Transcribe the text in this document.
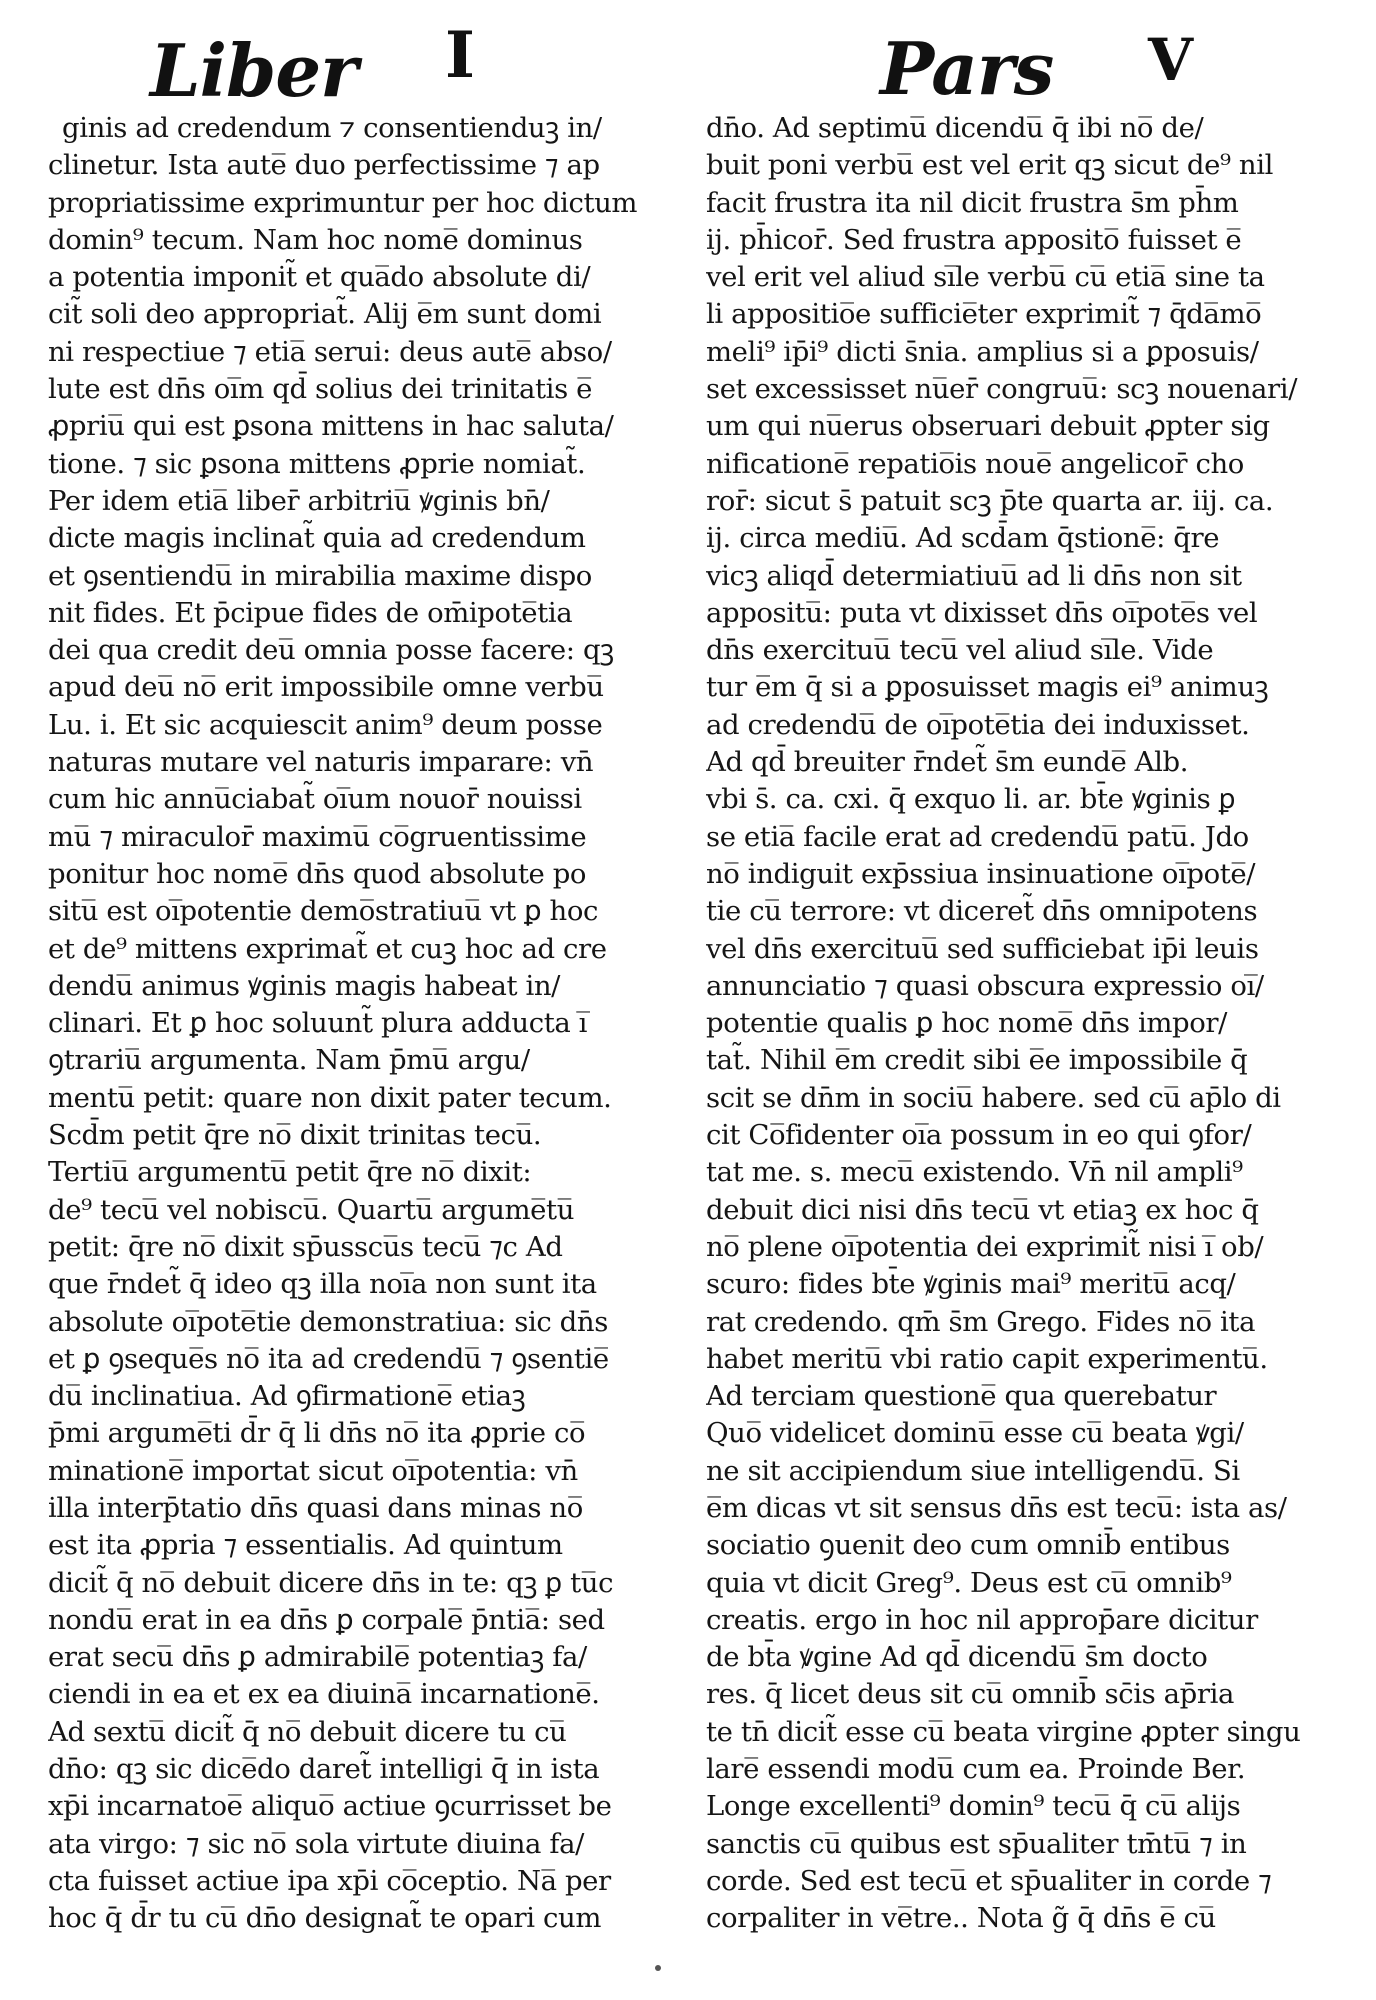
Liber I	Pars V
ginis ad credendum ⁊ consentienduꝫ in/
clinetur. Ista aute̅ duo perfectissime ⁊ ap
propriatissime exprimuntur per hoc dictum
domin⁹ tecum. Nam hoc nome̅ dominus
a potentia imponit̃ et qua̅do absolute di/
cit̃ soli deo appropriat̃. Alij e̅m sunt domi
ni respectiue ⁊ etia̅ serui: deus aute̅ abso/
lute est dn̄s oi̅m qd̄ solius dei trinitatis e̅
ꝓpriu̅ qui est ꝑsona mittens in hac saluta/
tione. ⁊ sic ꝑsona mittens ꝓprie nomiat̃.
Per idem etia̅ liber̄ arbitriu̅ ꝟginis bn̄/
dicte magis inclinat̃ quia ad credendum
et ꝯsentiendu̅ in mirabilia maxime dispo
nit fides. Et p̄cipue fides de om̄ipote̅tia
dei qua credit deu̅ omnia posse facere: qꝫ
apud deu̅ no̅ erit impossibile omne verbu̅
Lu. i. Et sic acquiescit anim⁹ deum posse
naturas mutare vel naturis imparare: vn̄
cum hic annu̅ciabat̃ oi̅um nouor̄ nouissi
mu̅ ⁊ miraculor̄ maximu̅ co̅gruentissime
ponitur hoc nome̅ dn̄s quod absolute po
situ̅ est oi̅potentie demo̅stratiuu̅ vt ꝑ hoc
et de⁹ mittens exprimat̃ et cuꝫ hoc ad cre
dendu̅ animus ꝟginis magis habeat in/
clinari. Et ꝑ hoc soluunt̃ plura adducta i̅
ꝯtrariu̅ argumenta. Nam p̄mu̅ argu/
mentu̅ petit: quare non dixit pater tecum.
Scd̄m petit q̄re no̅ dixit trinitas tecu̅.
Tertiu̅ argumentu̅ petit q̄re no̅ dixit:
de⁹ tecu̅ vel nobiscu̅. Quartu̅ argume̅tu̅
petit: q̄re no̅ dixit sp̄usscu̅s tecu̅ ⁊c Ad
que r̄ndet̃ q̄ ideo qꝫ illa noi̅a non sunt ita
absolute oi̅pote̅tie demonstratiua: sic dn̄s
et ꝑ ꝯseque̅s no̅ ita ad credendu̅ ⁊ ꝯsentie̅
du̅ inclinatiua. Ad ꝯfirmatione̅ etiaꝫ
p̄mi argume̅ti d̄r q̄ li dn̄s no̅ ita ꝓprie co̅
minatione̅ importat sicut oi̅potentia: vn̄
illa interp̄tatio dn̄s quasi dans minas no̅
est ita ꝓpria ⁊ essentialis. Ad quintum
dicit̃ q̄ no̅ debuit dicere dn̄s in te: qꝫ ꝑ tu̅c
nondu̅ erat in ea dn̄s ꝑ corpale̅ p̄ntia̅: sed
erat secu̅ dn̄s ꝑ admirabile̅ potentiaꝫ fa/
ciendi in ea et ex ea diuina̅ incarnatione̅.
Ad sextu̅ dicit̃ q̄ no̅ debuit dicere tu cu̅
dn̄o: qꝫ sic dice̅do daret̃ intelligi q̄ in ista
xp̄i incarnatoe̅ aliquo̅ actiue ꝯcurrisset be
ata virgo: ⁊ sic no̅ sola virtute diuina fa/
cta fuisset actiue ipa xp̄i co̅ceptio. Na̅ per
hoc q̄ d̄r tu cu̅ dn̄o designat̃ te opari cum
dn̄o. Ad septimu̅ dicendu̅ q̄ ibi no̅ de/
buit poni verbu̅ est vel erit qꝫ sicut de⁹ nil
facit frustra ita nil dicit frustra s̄m ph̄m
ij. ph̄icor̄. Sed frustra apposito̅ fuisset e̅
vel erit vel aliud si̅le verbu̅ cu̅ etia̅ sine ta
li appositio̅e sufficie̅ter exprimit̃ ⁊ q̄da̅mo̅
meli⁹ ip̄i⁹ dicti s̄nia. amplius si a ꝑposuis/
set excessisset nu̅er̄ congruu̅: scꝫ nouenari/
um qui nu̅erus obseruari debuit ꝓpter sig
nificatione̅ repatio̅is noue̅ angelicor̄ cho
ror̄: sicut s̄ patuit scꝫ p̄te quarta ar. iij. ca.
ij. circa mediu̅. Ad scd̄am q̄stione̅: q̄re
vicꝫ aliqd̄ determiatiuu̅ ad li dn̄s non sit
appositu̅: puta vt dixisset dn̄s oi̅pote̅s vel
dn̄s exercituu̅ tecu̅ vel aliud si̅le. Vide
tur e̅m q̄ si a ꝑposuisset magis ei⁹ animuꝫ
ad credendu̅ de oi̅pote̅tia dei induxisset.
Ad qd̄ breuiter r̄ndet̃ s̄m eunde̅ Alb.
vbi s̄. ca. cxi. q̄ exquo li. ar. bt̄e ꝟginis ꝑ
se etia̅ facile erat ad credendu̅ patu̅. Jdo
no̅ indiguit exp̄ssiua insinuatione oi̅pote̅/
tie cu̅ terrore: vt diceret̃ dn̄s omnipotens
vel dn̄s exercituu̅ sed sufficiebat ip̄i leuis
annunciatio ⁊ quasi obscura expressio oi̅/
potentie qualis ꝑ hoc nome̅ dn̄s impor/
tat̃. Nihil e̅m credit sibi e̅e impossibile q̄
scit se dn̄m in sociu̅ habere. sed cu̅ ap̄lo di
cit Co̅fidenter oi̅a possum in eo qui ꝯfor/
tat me. s. mecu̅ existendo. Vn̄ nil ampli⁹
debuit dici nisi dn̄s tecu̅ vt etiaꝫ ex hoc q̄
no̅ plene oi̅potentia dei exprimit̃ nisi i̅ ob/
scuro: fides bt̄e ꝟginis mai⁹ meritu̅ acq/
rat credendo. qm̄ s̄m Grego. Fides no̅ ita
habet meritu̅ vbi ratio capit experimentu̅.
Ad terciam questione̅ qua querebatur
Quo̅ videlicet dominu̅ esse cu̅ beata ꝟgi/
ne sit accipiendum siue intelligendu̅. Si
e̅m dicas vt sit sensus dn̄s est tecu̅: ista as/
sociatio ꝯuenit deo cum omnib̄ entibus
quia vt dicit Greg⁹. Deus est cu̅ omnib⁹
creatis. ergo in hoc nil approp̄are dicitur
de bt̄a ꝟgine Ad qd̄ dicendu̅ s̄m docto
res. q̄ licet deus sit cu̅ omnib̄ sc̄is ap̄ria
te tn̄ dicit̃ esse cu̅ beata virgine ꝓpter singu
lare̅ essendi modu̅ cum ea. Proinde Ber.
Longe excellenti⁹ domin⁹ tecu̅ q̄ cu̅ alijs
sanctis cu̅ quibus est sp̄ualiter tm̄tu̅ ⁊ in
corde. Sed est tecu̅ et sp̄ualiter in corde ⁊
corpaliter in ve̅tre.. Nota g̃ q̄ dn̄s e̅ cu̅
